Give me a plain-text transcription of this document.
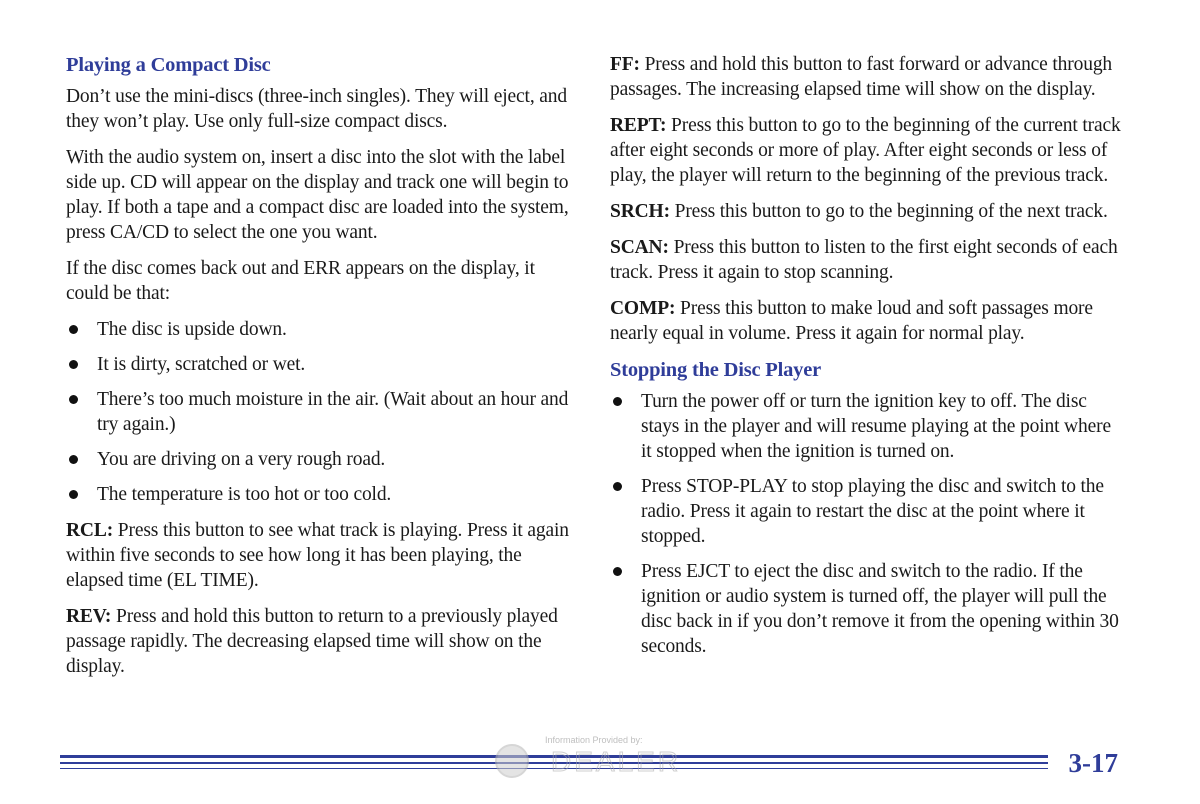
Playing a Compact Disc

Don’t use the mini-discs (three-inch singles). They will eject, and they won’t play. Use only full-size compact discs.

With the audio system on, insert a disc into the slot with the label side up. CD will appear on the display and track one will begin to play. If both a tape and a compact disc are loaded into the system, press CA/CD to select the one you want.

If the disc comes back out and ERR appears on the display, it could be that:

The disc is upside down.
It is dirty, scratched or wet.
There’s too much moisture in the air. (Wait about an hour and try again.)
You are driving on a very rough road.
The temperature is too hot or too cold.

RCL: Press this button to see what track is playing. Press it again within five seconds to see how long it has been playing, the elapsed time (EL TIME).

REV: Press and hold this button to return to a previously played passage rapidly. The decreasing elapsed time will show on the display.

FF: Press and hold this button to fast forward or advance through passages. The increasing elapsed time will show on the display.

REPT: Press this button to go to the beginning of the current track after eight seconds or more of play. After eight seconds or less of play, the player will return to the beginning of the previous track.

SRCH: Press this button to go to the beginning of the next track.

SCAN: Press this button to listen to the first eight seconds of each track. Press it again to stop scanning.

COMP: Press this button to make loud and soft passages more nearly equal in volume. Press it again for normal play.

Stopping the Disc Player
Turn the power off or turn the ignition key to off. The disc stays in the player and will resume playing at the point where it stopped when the ignition is turned on.
Press STOP-PLAY to stop playing the disc and switch to the radio. Press it again to restart the disc at the point where it stopped.
Press EJCT to eject the disc and switch to the radio. If the ignition or audio system is turned off, the player will pull the disc back in if you don’t remove it from the opening within 30 seconds.
Information Provided by:
DEALER	3-17
